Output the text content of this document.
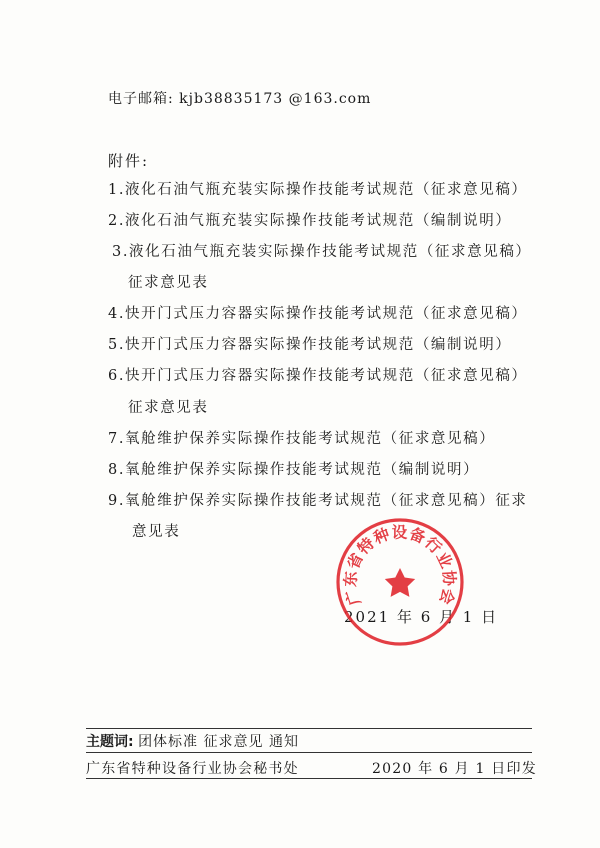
电子邮箱: kjb38835173 @163.com
附件:
1.液化石油气瓶充装实际操作技能考试规范（征求意见稿）
2.液化石油气瓶充装实际操作技能考试规范（编制说明）
3.液化石油气瓶充装实际操作技能考试规范（征求意见稿）
征求意见表
4.快开门式压力容器实际操作技能考试规范（征求意见稿）
5.快开门式压力容器实际操作技能考试规范（编制说明）
6.快开门式压力容器实际操作技能考试规范（征求意见稿）
征求意见表
7.氧舱维护保养实际操作技能考试规范（征求意见稿）
8.氧舱维护保养实际操作技能考试规范（编制说明）
9.氧舱维护保养实际操作技能考试规范（征求意见稿）征求
意见表
2021 年 6 月 1 日
广东省特种设备行业协会
主题词: 团体标准 征求意见 通知
广东省特种设备行业协会秘书处	2020 年 6 月 1 日印发
